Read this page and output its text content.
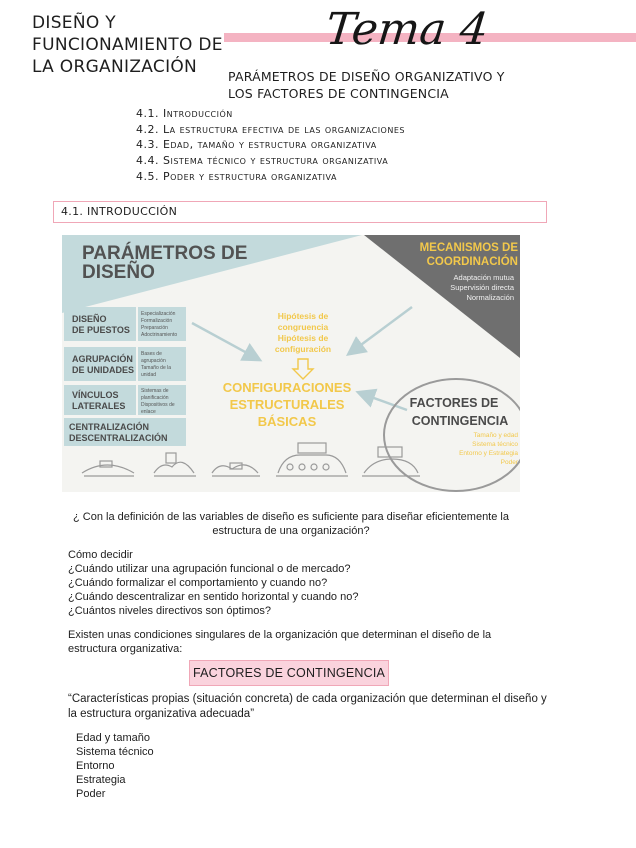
DISEÑO Y
FUNCIONAMIENTO DE
LA ORGANIZACIÓN
Tema 4
PARÁMETROS DE DISEÑO ORGANIZATIVO Y
LOS FACTORES DE CONTINGENCIA
4.1. Introducción
4.2. La estructura efectiva de las organizaciones
4.3. Edad, tamaño y estructura organizativa
4.4. Sistema técnico y estructura organizativa
4.5. Poder y estructura organizativa
4.1. INTRODUCCIÓN
PARÁMETROS DE
DISEÑO
MECANISMOS DE
COORDINACIÓN
Adaptación mutua
Supervisión directa
Normalización
DISEÑO
DE PUESTOS
Especialización
Formalización
Preparación
Adoctrinamiento
AGRUPACIÓN
DE UNIDADES
Bases de
agrupación
Tamaño de la
unidad
VÍNCULOS
LATERALES
Sistemas de
planificación
Dispositivos de
enlace
CENTRALIZACIÓN
DESCENTRALIZACIÓN
Hipótesis de
congruencia
Hipótesis de
configuración
CONFIGURACIONES
ESTRUCTURALES
BÁSICAS
FACTORES DE
CONTINGENCIA
Tamaño y edad
Sistema técnico
Entorno y Estrategia
Poder
¿ Con la definición de las variables de diseño es suficiente para diseñar eficientemente la estructura de una organización?
Cómo decidir
¿Cuándo utilizar una agrupación funcional o de mercado?
¿Cuándo formalizar el comportamiento y cuando no?
¿Cuándo descentralizar en sentido horizontal y cuando no?
¿Cuántos niveles directivos son óptimos?
Existen unas condiciones singulares de la organización que determinan el diseño de la estructura organizativa:
FACTORES DE CONTINGENCIA
“Características propias (situación concreta) de cada organización que determinan el diseño y la estructura organizativa adecuada”
Edad y tamaño
Sistema técnico
Entorno
Estrategia
Poder
